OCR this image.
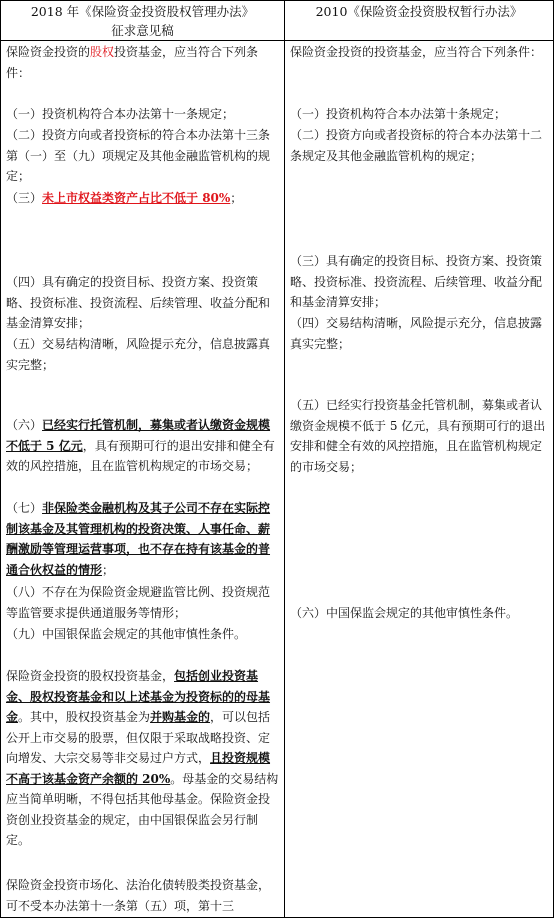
2018 年《保险资金投资股权管理办法》

征求意见稿

2010《保险资金投资股权暂行办法》

保险资金投资的股权投资基金，应当符合下列条件：

（一）投资机构符合本办法第十一条规定；

（二）投资方向或者投资标的符合本办法第十三条第（一）至（九）项规定及其他金融监管机构的规定；

（三）未上市权益类资产占比不低于 80%；

（四）具有确定的投资目标、投资方案、投资策略、投资标准、投资流程、后续管理、收益分配和基金清算安排；

（五）交易结构清晰，风险提示充分，信息披露真实完整；

（六）已经实行托管机制，募集或者认缴资金规模不低于 5 亿元，具有预期可行的退出安排和健全有效的风控措施，且在监管机构规定的市场交易；

（七）非保险类金融机构及其子公司不存在实际控制该基金及其管理机构的投资决策、人事任命、薪酬激励等管理运营事项，也不存在持有该基金的普通合伙权益的情形；

（八）不存在为保险资金规避监管比例、投资规范等监管要求提供通道服务等情形；

（九）中国银保监会规定的其他审慎性条件。

保险资金投资的股权投资基金，包括创业投资基金、股权投资基金和以上述基金为投资标的的母基金。其中，股权投资基金为并购基金的，可以包括公开上市交易的股票，但仅限于采取战略投资、定向增发、大宗交易等非交易过户方式，且投资规模不高于该基金资产余额的 20%。母基金的交易结构应当简单明晰，不得包括其他母基金。保险资金投资创业投资基金的规定，由中国银保监会另行制定。

保险资金投资市场化、法治化债转股类投资基金，可不受本办法第十一条第（五）项，第十三

保险资金投资的投资基金，应当符合下列条件：

（一）投资机构符合本办法第十条规定；

（二）投资方向或者投资标的符合本办法第十二条规定及其他金融监管机构的规定；

（三）具有确定的投资目标、投资方案、投资策略、投资标准、投资流程、后续管理、收益分配和基金清算安排；

（四）交易结构清晰，风险提示充分，信息披露真实完整；

（五）已经实行投资基金托管机制，募集或者认缴资金规模不低于 5 亿元，具有预期可行的退出安排和健全有效的风控措施，且在监管机构规定的市场交易；

（六）中国保监会规定的其他审慎性条件。
